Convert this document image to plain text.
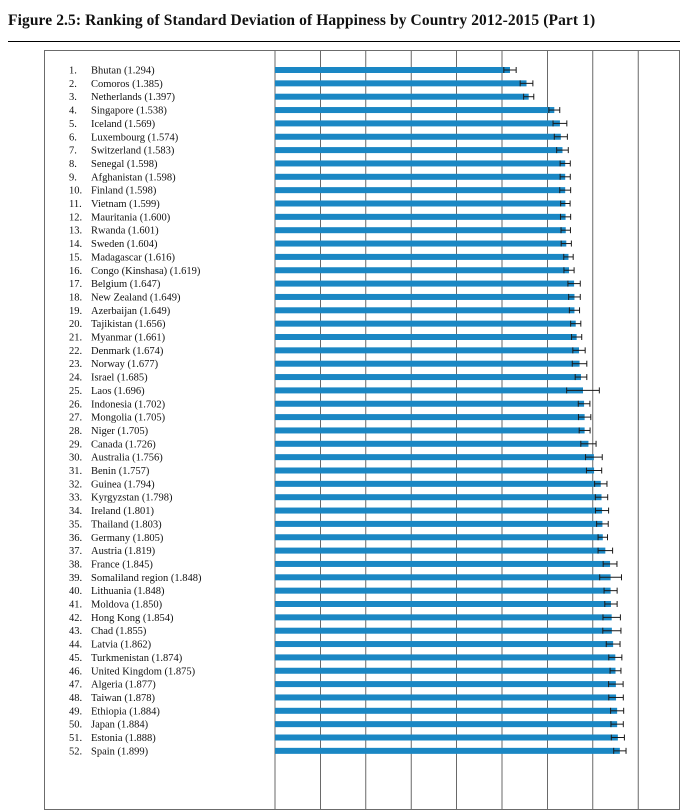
Figure 2.5: Ranking of Standard Deviation of Happiness by Country 2012-2015 (Part 1)
1. Bhutan (1.294)
2. Comoros (1.385)
3. Netherlands (1.397)
4. Singapore (1.538)
5. Iceland (1.569)
6. Luxembourg (1.574)
7. Switzerland (1.583)
8. Senegal (1.598)
9. Afghanistan (1.598)
10. Finland (1.598)
11. Vietnam (1.599)
12. Mauritania (1.600)
13. Rwanda (1.601)
14. Sweden (1.604)
15. Madagascar (1.616)
16. Congo (Kinshasa) (1.619)
17. Belgium (1.647)
18. New Zealand (1.649)
19. Azerbaijan (1.649)
20. Tajikistan (1.656)
21. Myanmar (1.661)
22. Denmark (1.674)
23. Norway (1.677)
24. Israel (1.685)
25. Laos (1.696)
26. Indonesia (1.702)
27. Mongolia (1.705)
28. Niger (1.705)
29. Canada (1.726)
30. Australia (1.756)
31. Benin (1.757)
32. Guinea (1.794)
33. Kyrgyzstan (1.798)
34. Ireland (1.801)
35. Thailand (1.803)
36. Germany (1.805)
37. Austria (1.819)
38. France (1.845)
39. Somaliland region (1.848)
40. Lithuania (1.848)
41. Moldova (1.850)
42. Hong Kong (1.854)
43. Chad (1.855)
44. Latvia (1.862)
45. Turkmenistan (1.874)
46. United Kingdom (1.875)
47. Algeria (1.877)
48. Taiwan (1.878)
49. Ethiopia (1.884)
50. Japan (1.884)
51. Estonia (1.888)
52. Spain (1.899)
